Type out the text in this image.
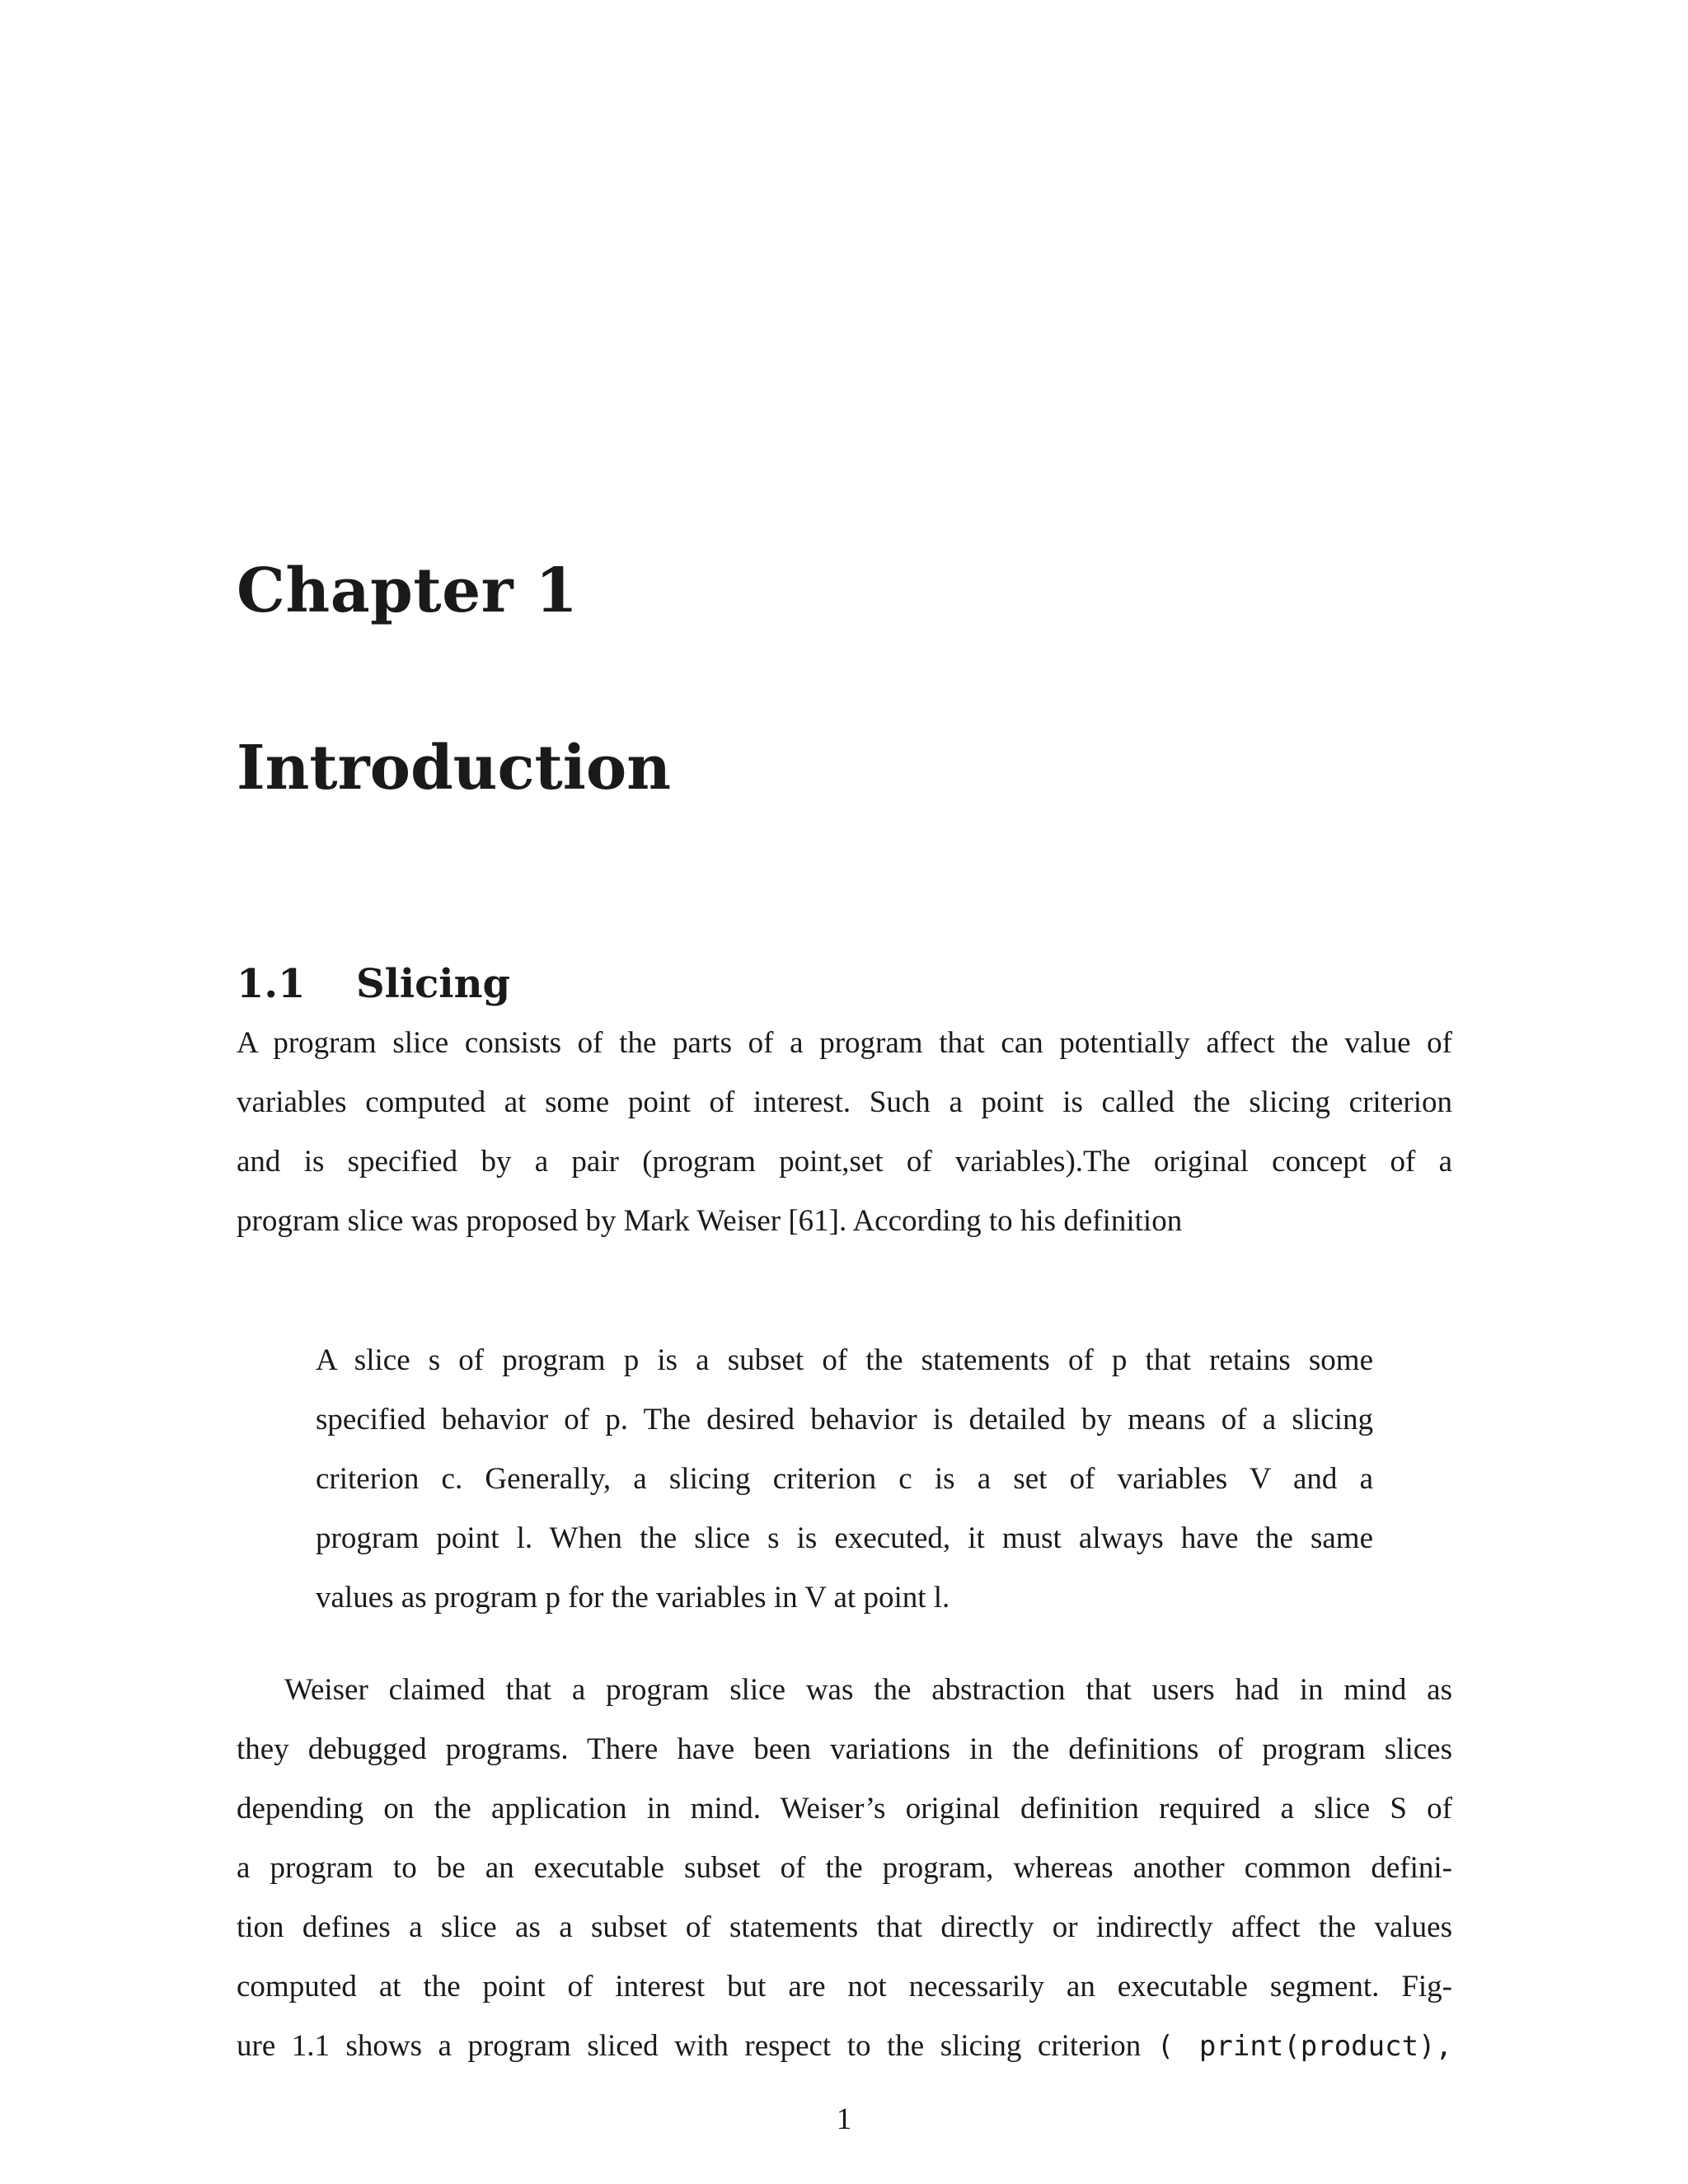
Chapter 1
Introduction
1.1 Slicing
A program slice consists of the parts of a program that can potentially affect the value of
variables computed at some point of interest. Such a point is called the slicing criterion
and is specified by a pair (program point,set of variables).The original concept of a
program slice was proposed by Mark Weiser [61]. According to his definition
A slice s of program p is a subset of the statements of p that retains some
specified behavior of p. The desired behavior is detailed by means of a slicing
criterion c. Generally, a slicing criterion c is a set of variables V and a
program point l. When the slice s is executed, it must always have the same
values as program p for the variables in V at point l.
Weiser claimed that a program slice was the abstraction that users had in mind as
they debugged programs. There have been variations in the definitions of program slices
depending on the application in mind. Weiser’s original definition required a slice S of
a program to be an executable subset of the program, whereas another common defini-
tion defines a slice as a subset of statements that directly or indirectly affect the values
computed at the point of interest but are not necessarily an executable segment. Fig-
ure 1.1 shows a program sliced with respect to the slicing criterion ( print(product),

1
